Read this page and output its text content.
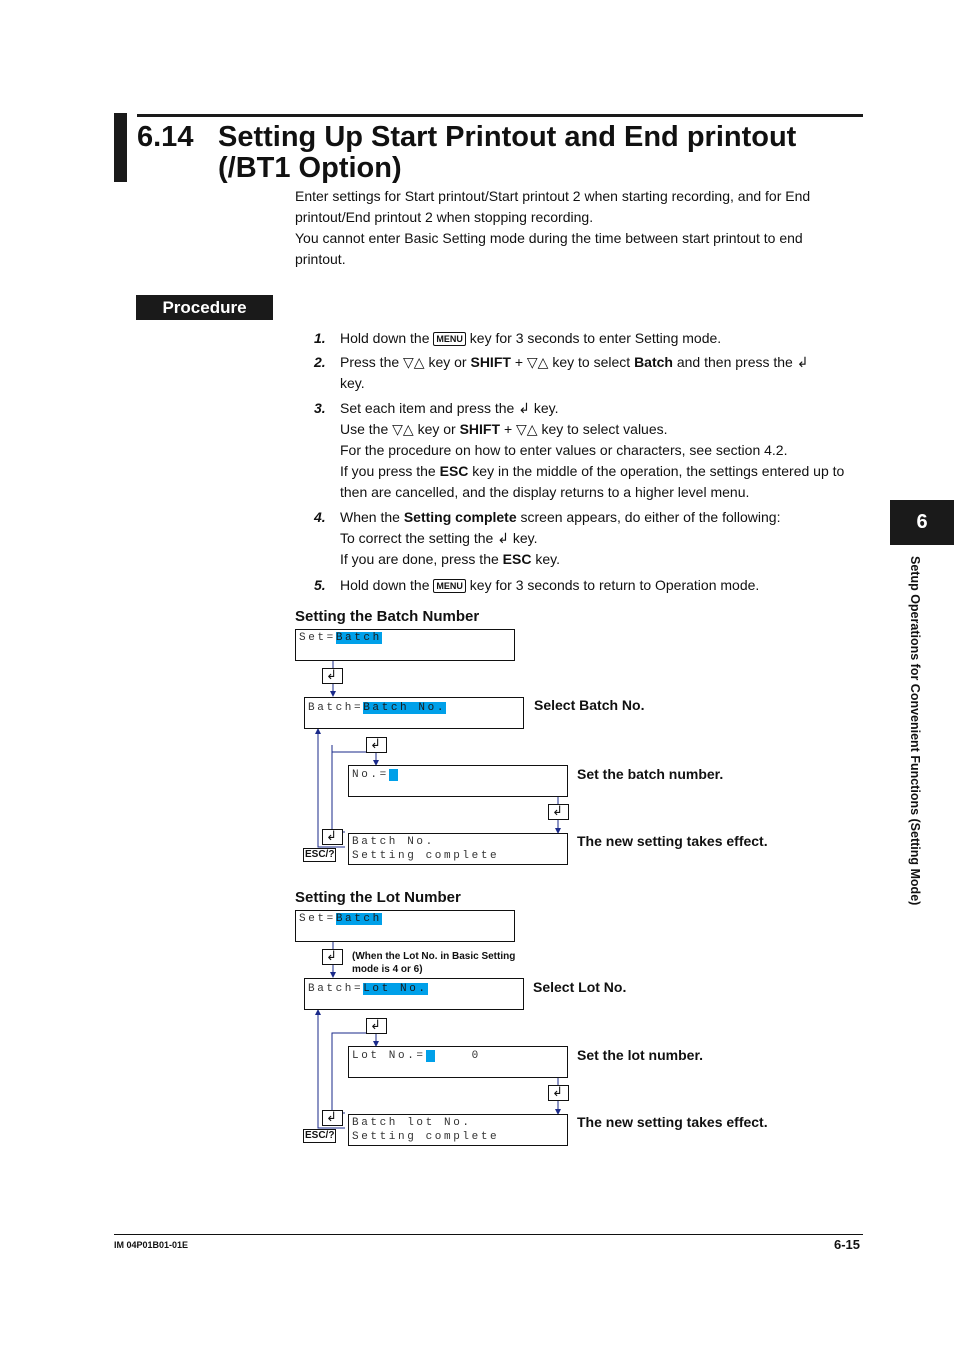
6.14 Setting Up Start Printout and End printout
(/BT1 Option)

Enter settings for Start printout/Start printout 2 when starting recording, and for End

printout/End printout 2 when stopping recording.

You cannot enter Basic Setting mode during the time between start printout to end

printout.

Procedure
1. Hold down the MENU key for 3 seconds to enter Setting mode.
2. Press the ▽△ key or SHIFT + ▽△ key to select Batch and then press the ↲
key.
3. Set each item and press the ↲ key.
Use the ▽△ key or SHIFT + ▽△ key to select values.
For the procedure on how to enter values or characters, see section 4.2.
If you press the ESC key in the middle of the operation, the settings entered up to
then are cancelled, and the display returns to a higher level menu.
4. When the Setting complete screen appears, do either of the following:
To correct the setting the ↲ key.
If you are done, press the ESC key.
5. Hold down the MENU key for 3 seconds to return to Operation mode.
Setting the Batch Number
Set=Batch
↲
Batch=Batch No.	Select Batch No.
↲
No.=	Set the batch number.
↲
↲
ESC/?
Batch No.
Setting complete
The new setting takes effect.
Setting the Lot Number
Set=Batch
↲ (When the Lot No. in Basic Setting mode is 4 or 6)
Batch=Lot No.	Select Lot No.
↲
Lot No.=	0	Set the lot number.
↲
↲
ESC/?
Batch lot No.
Setting complete
The new setting takes effect.
6
Setup Operations for Convenient Functions (Setting Mode)
IM 04P01B01-01E	6-15
